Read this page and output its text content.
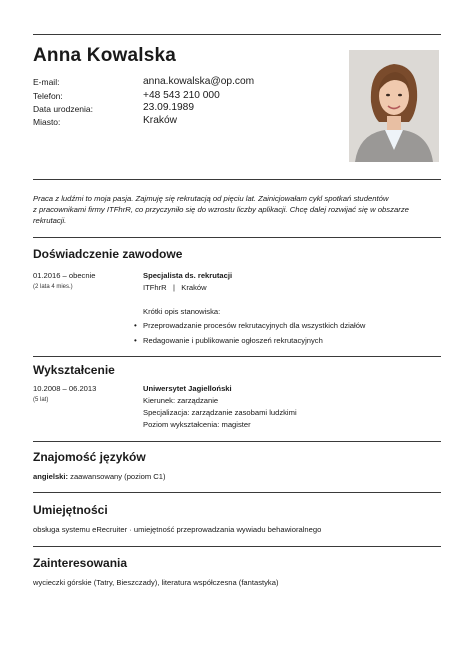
Anna Kowalska
E-mail:	anna.kowalska@op.com
Telefon:	+48 543 210 000
Data urodzenia:	23.09.1989
Miasto:	Kraków
Praca z ludźmi to moja pasja. Zajmuję się rekrutacją od pięciu lat. Zainicjowałam cykl spotkań studentów
z pracownikami firmy ITFhrR, co przyczyniło się do wzrostu liczby aplikacji. Chcę dalej rozwijać się w obszarze
rekrutacji.
Doświadczenie zawodowe
01.2016 – obecnie
(2 lata 4 mies.)
Specjalista ds. rekrutacji
ITFhrR   |   Kraków
Krótki opis stanowiska:
• Przeprowadzanie procesów rekrutacyjnych dla wszystkich działów
• Redagowanie i publikowanie ogłoszeń rekrutacyjnych
Wykształcenie
10.2008 – 06.2013
(5 lat)
Uniwersytet Jagielloński
Kierunek: zarządzanie
Specjalizacja: zarządzanie zasobami ludzkimi
Poziom wykształcenia: magister
Znajomość języków
angielski: zaawansowany (poziom C1)
Umiejętności
obsługa systemu eRecruiter · umiejętność przeprowadzania wywiadu behawioralnego
Zainteresowania
wycieczki górskie (Tatry, Bieszczady), literatura współczesna (fantastyka)
